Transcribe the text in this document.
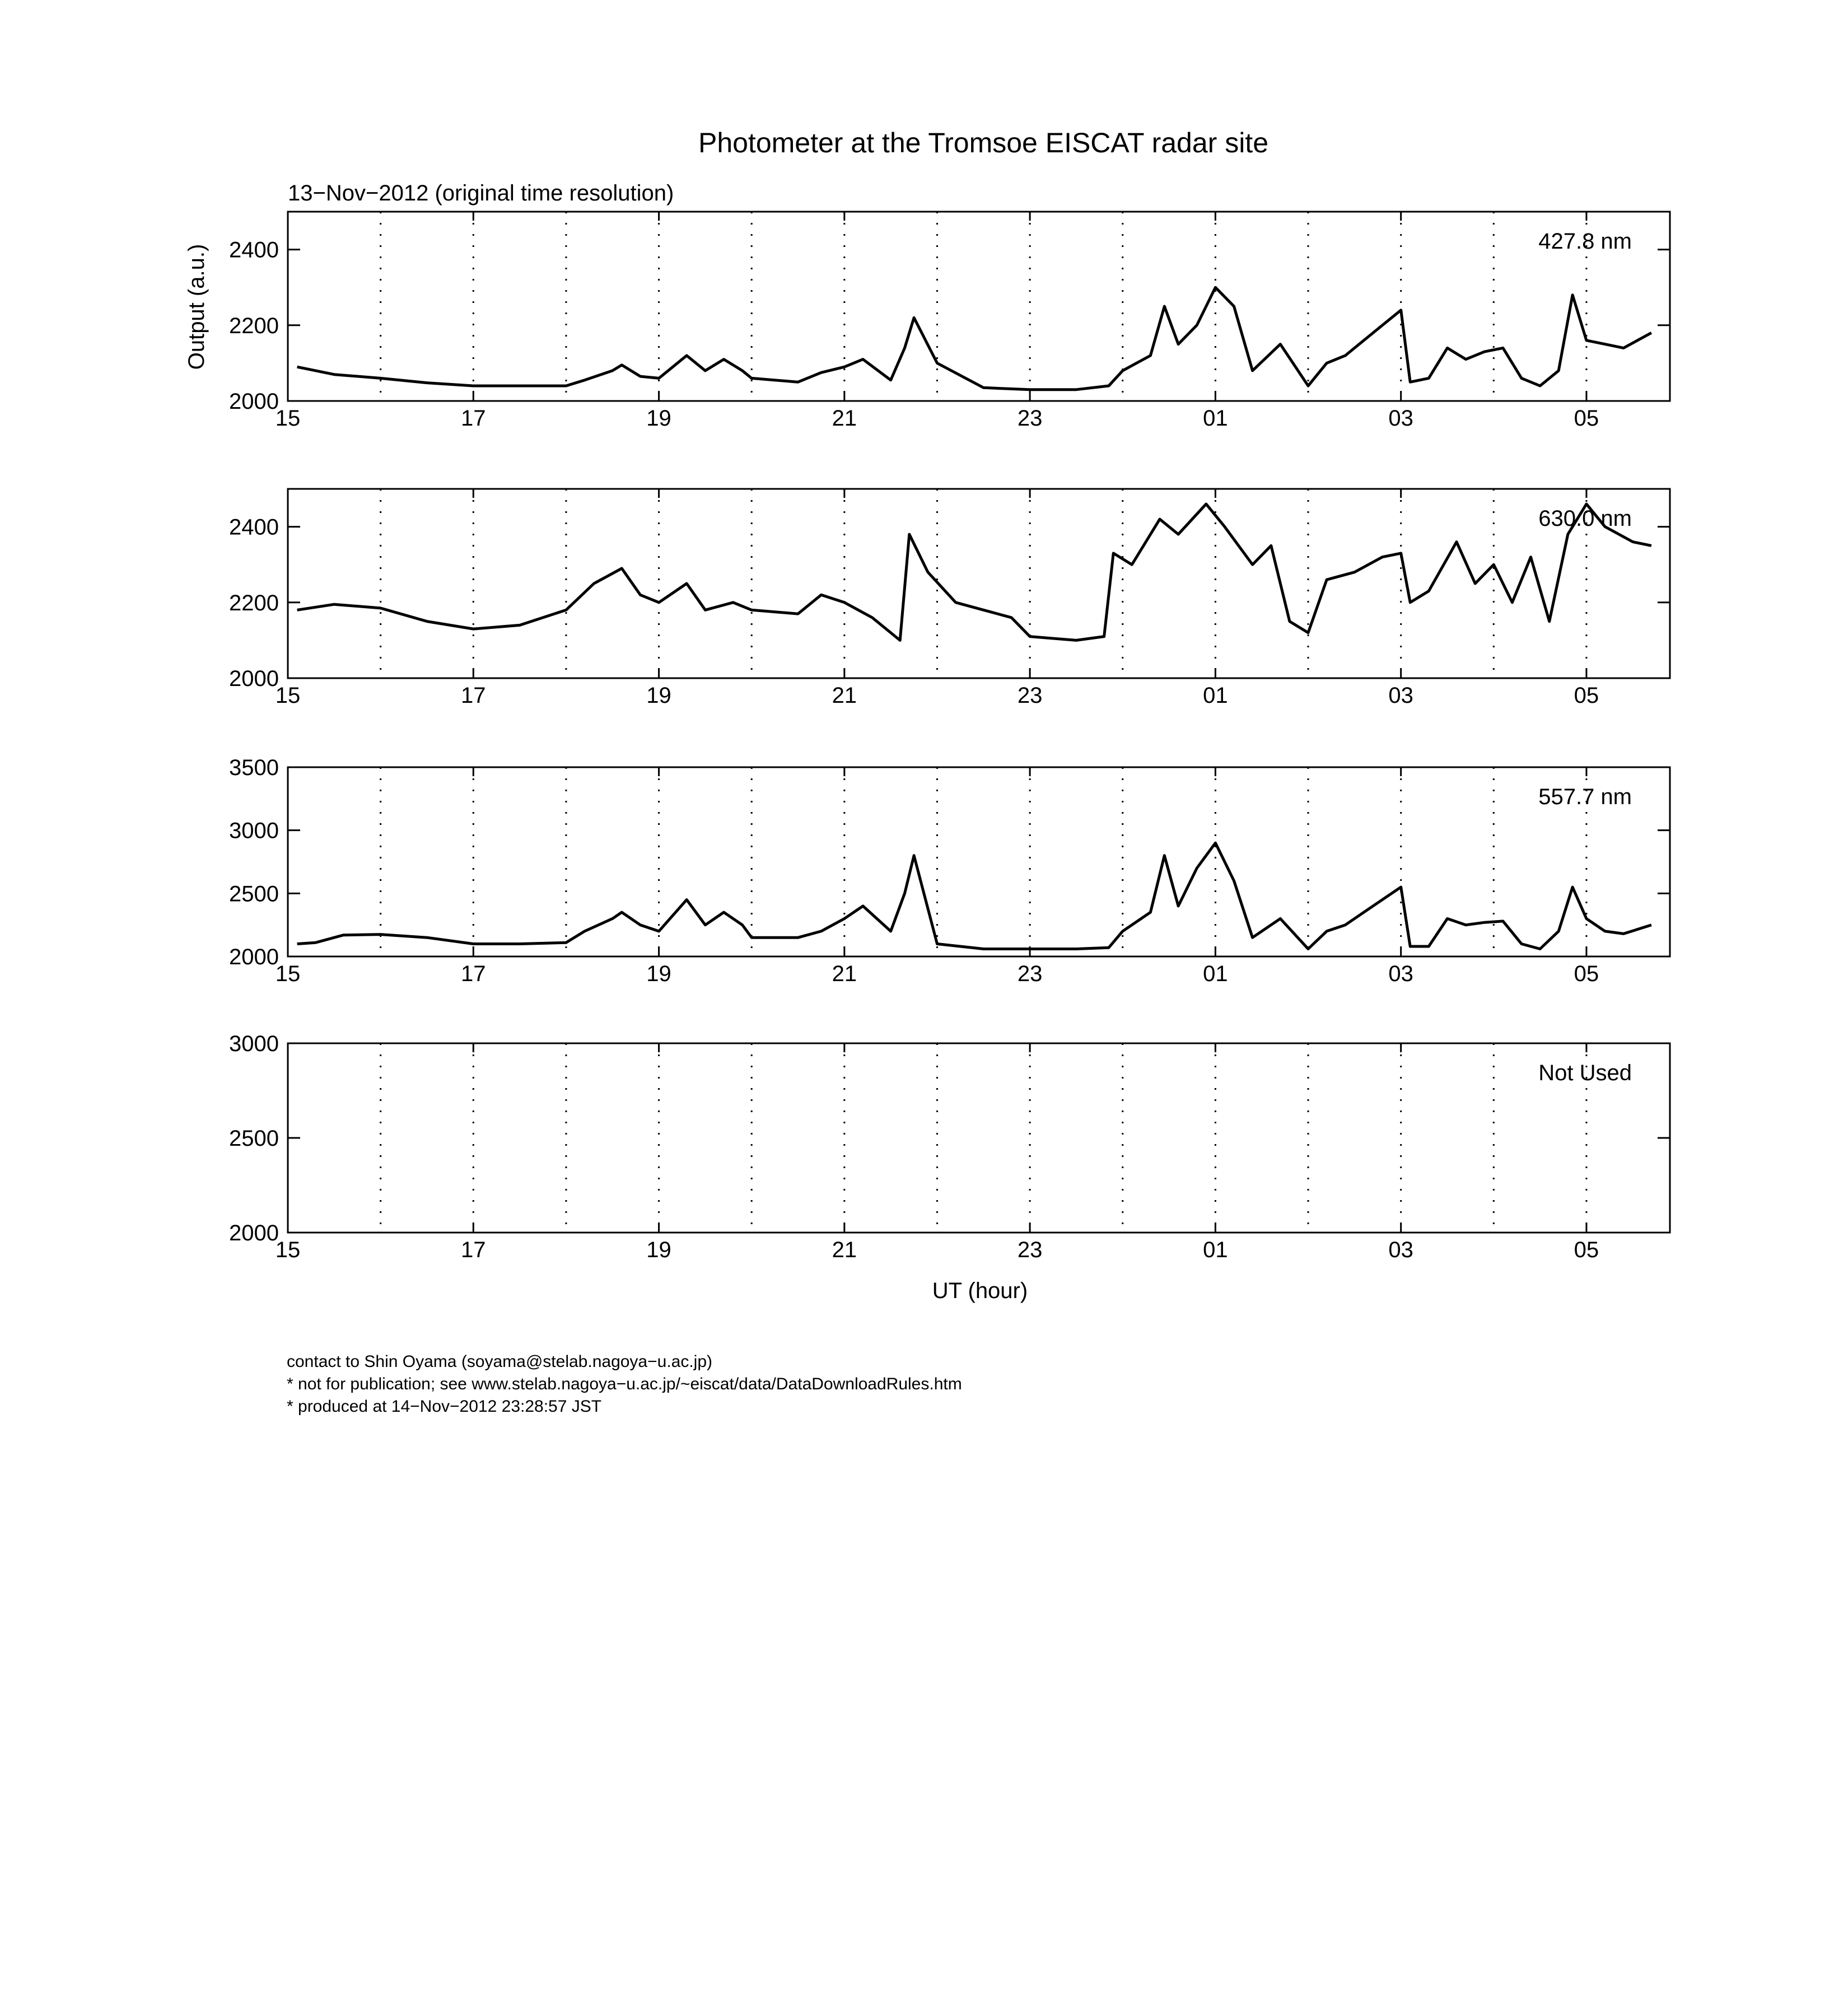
Photometer at the Tromsoe EISCAT radar site
13−Nov−2012 (original time resolution)
Output (a.u.)
UT (hour)
15	17	19	21	23	01	03	05
2000
2200
2400	427.8 nm
15	17	19	21	23	01	03	05
2000
2200
2400	630.0 nm
15	17	19	21	23	01	03	05
2000
2500
3000
3500
557.7 nm
15	17	19	21	23	01	03	05
2000
2500
3000
Not Used
contact to Shin Oyama (soyama@stelab.nagoya−u.ac.jp)
* not for publication; see www.stelab.nagoya−u.ac.jp/~eiscat/data/DataDownloadRules.htm
* produced at 14−Nov−2012 23:28:57 JST
